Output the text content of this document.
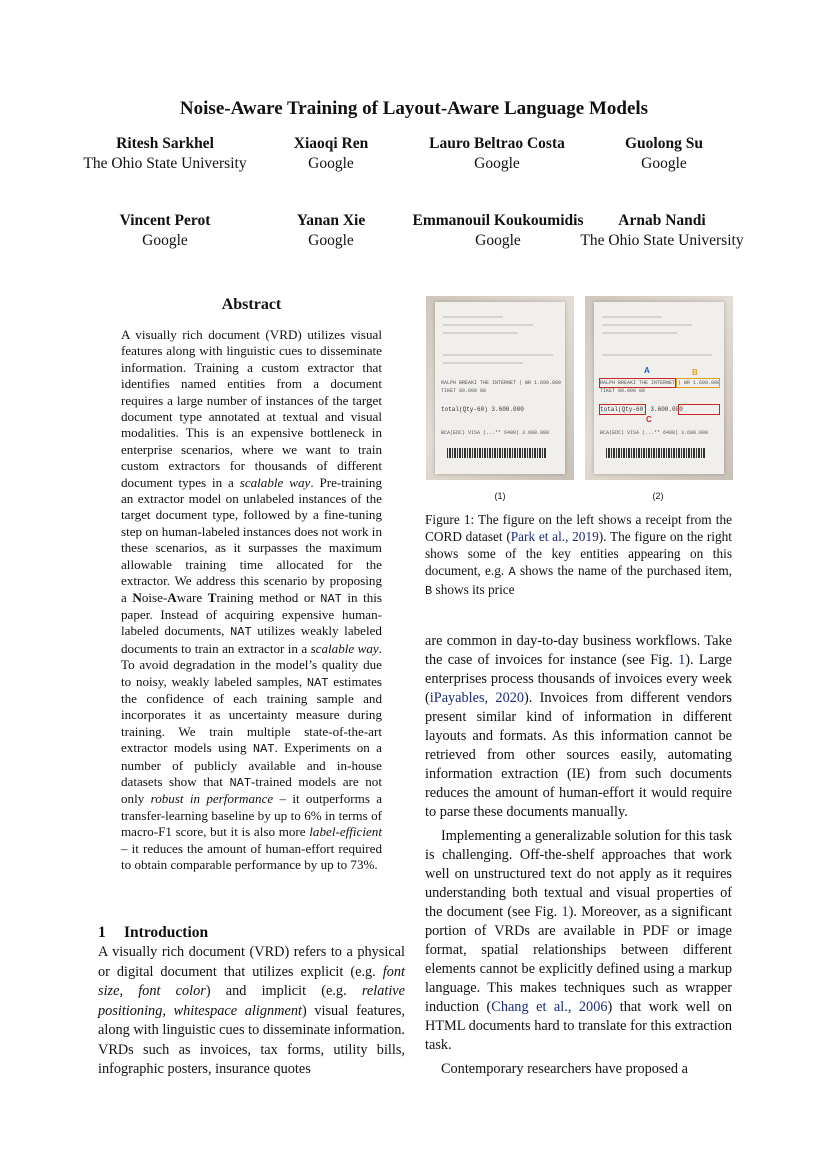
Noise-Aware Training of Layout-Aware Language Models
Ritesh Sarkhel
The Ohio State University
Xiaoqi Ren
Google
Lauro Beltrao Costa
Google
Guolong Su
Google
Vincent Perot
Google
Yanan Xie
Google
Emmanouil Koukoumidis
Google
Arnab Nandi
The Ohio State University
Abstract

A visually rich document (VRD) utilizes visual features along with linguistic cues to disseminate information. Training a custom extractor that identifies named entities from a document requires a large number of instances of the target document type annotated at textual and visual modalities. This is an expensive bottleneck in enterprise scenarios, where we want to train custom extractors for thousands of different document types in a scalable way. Pre-training an extractor model on unlabeled instances of the target document type, followed by a fine-tuning step on human-labeled instances does not work in these scenarios, as it surpasses the maximum allowable training time allocated for the extractor. We address this scenario by proposing a Noise-Aware Training method or NAT in this paper. Instead of acquiring expensive human-labeled documents, NAT utilizes weakly labeled documents to train an extractor in a scalable way. To avoid degradation in the model’s quality due to noisy, weakly labeled samples, NAT estimates the confidence of each training sample and incorporates it as uncertainty measure during training. We train multiple state-of-the-art extractor models using NAT. Experiments on a number of publicly available and in-house datasets show that NAT-trained models are not only robust in performance – it outperforms a transfer-learning baseline by up to 6% in terms of macro-F1 score, but it is also more label-efficient – it reduces the amount of human-effort required to obtain comparable performance by up to 73%.

1 Introduction

A visually rich document (VRD) refers to a physical or digital document that utilizes explicit (e.g. font size, font color) and implicit (e.g. relative positioning, whitespace alignment) visual features, along with linguistic cues to disseminate information. VRDs such as invoices, tax forms, utility bills, infographic posters, insurance quotes

RALPH BREAKI THE INTERNET | WR 1.600.000
TIKET 80.000 80
total(Qty-60) 3.600.000
BCA(EDC) VISA (...** 6408) 3.600.000
(1)
A	B
RALPH BREAKI THE INTERNET | WR 1.600.000
TIKET 80.000 80
total(Qty-60) 3.600.000
C
BCA(EDC) VISA (...** 6408) 3.600.000
(2)

Figure 1: The figure on the left shows a receipt from the CORD dataset (Park et al., 2019). The figure on the right shows some of the key entities appearing on this document, e.g. A shows the name of the purchased item, B shows its price

are common in day-to-day business workflows. Take the case of invoices for instance (see Fig. 1). Large enterprises process thousands of invoices every week (iPayables, 2020). Invoices from different vendors present similar kind of information in different layouts and formats. As this information cannot be retrieved from other sources easily, automating information extraction (IE) from such documents reduces the amount of human-effort it would require to parse these documents manually.

Implementing a generalizable solution for this task is challenging. Off-the-shelf approaches that work well on unstructured text do not apply as it requires understanding both textual and visual properties of the document (see Fig. 1). Moreover, as a significant portion of VRDs are available in PDF or image format, spatial relationships between different elements cannot be explicitly defined using a markup language. This makes techniques such as wrapper induction (Chang et al., 2006) that work well on HTML documents hard to translate for this extraction task.

Contemporary researchers have proposed a
